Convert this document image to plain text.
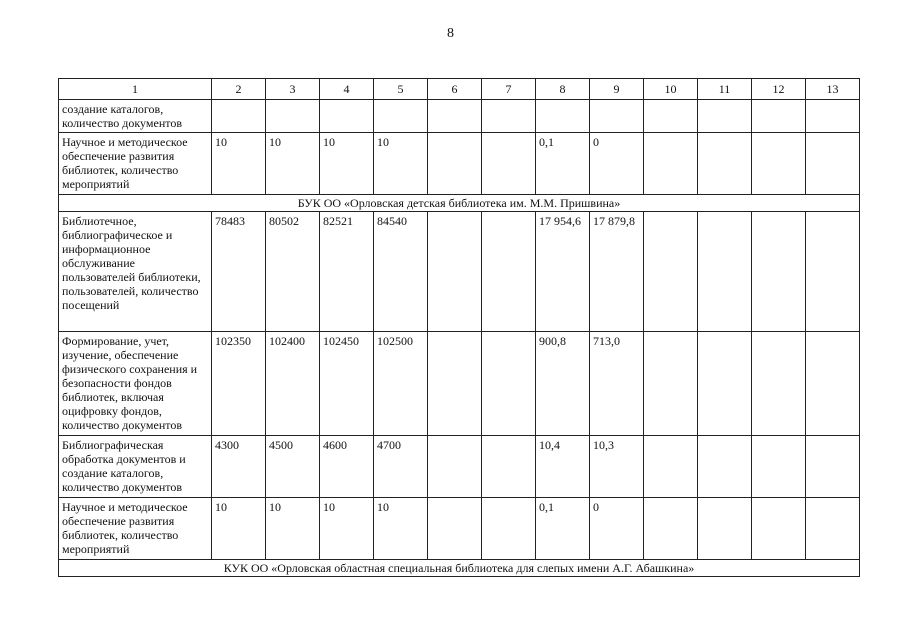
8
1	2	3	4	5	6	7	8	9	10	11	12	13
создание каталогов, количество документов												
Научное и методическое обеспечение развития библиотек, количество мероприятий	10	10	10	10			0,1	0				
БУК ОО «Орловская детская библиотека им. М.М. Пришвина»												
Библиотечное, библиографическое и информационное обслуживание пользователей библиотеки, пользователей, количество посещений	78483	80502	82521	84540			17 954,6	17 879,8				
Формирование, учет, изучение, обеспечение физического сохранения и безопасности фондов библиотек, включая оцифровку фондов, количество документов	102350	102400	102450	102500			900,8	713,0				
Библиографическая обработка документов и создание каталогов, количество документов	4300	4500	4600	4700			10,4	10,3				
Научное и методическое обеспечение развития библиотек, количество мероприятий	10	10	10	10			0,1	0				
КУК ОО «Орловская областная специальная библиотека для слепых имени А.Г. Абашкина»												
